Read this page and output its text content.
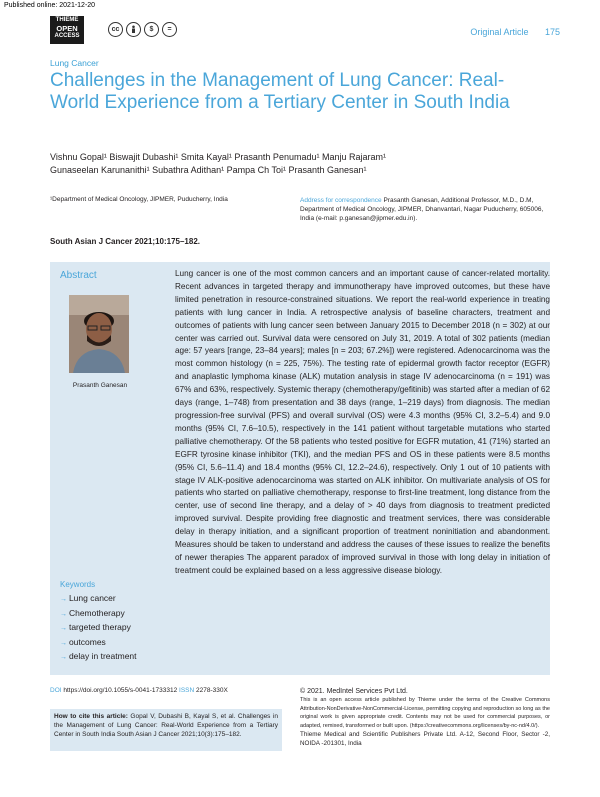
Published online: 2021-12-20
THIEME
OPEN
ACCESS
cc	$	=	Original Article 175
Lung Cancer
Challenges in the Management of Lung Cancer: Real-World Experience from a Tertiary Center in South India
Vishnu Gopal¹ Biswajit Dubashi¹ Smita Kayal¹ Prasanth Penumadu¹ Manju Rajaram¹
Gunaseelan Karunanithi¹ Subathra Adithan¹ Pampa Ch Toi¹ Prasanth Ganesan¹
¹Department of Medical Oncology, JIPMER, Puducherry, India	Address for correspondence Prasanth Ganesan, Additional Professor, M.D., D.M, Department of Medical Oncology, JIPMER, Dhanvantari, Nagar Puducherry, 605006, India (e-mail: p.ganesan@jipmer.edu.in).
South Asian J Cancer 2021;10:175–182.
Abstract
Prasanth Ganesan
Lung cancer is one of the most common cancers and an important cause of cancer-related mortality. Recent advances in targeted therapy and immunotherapy have improved outcomes, but these have limited penetration in resource-constrained situations. We report the real-world experience in treating patients with lung cancer in India. A retrospective analysis of baseline characters, treatment and outcomes of patients with lung cancer seen between January 2015 to December 2018 (n = 302) at our center was carried out. Survival data were censored on July 31, 2019. A total of 302 patients (median age: 57 years [range, 23–84 years]; males [n = 203; 67.2%]) were registered. Adenocarcinoma was the most common histology (n = 225, 75%). The testing rate of epidermal growth factor receptor (EGFR) and anaplastic lymphoma kinase (ALK) mutation analysis in stage IV adenocarcinoma (n = 191) was 67% and 63%, respectively. Systemic therapy (chemotherapy/gefitinib) was started after a median of 62 days (range, 1–748) from presentation and 38 days (range, 1–219 days) from diagnosis. The median progression-free survival (PFS) and overall survival (OS) were 4.3 months (95% CI, 3.2–5.4) and 9.0 months (95% CI, 7.6–10.5), respectively in the 141 patient without targetable mutations who started palliative chemotherapy. Of the 58 patients who tested positive for EGFR mutation, 41 (71%) started an EGFR tyrosine kinase inhibitor (TKI), and the median PFS and OS in these patients were 8.5 months (95% CI, 5.6–11.4) and 18.4 months (95% CI, 12.2–24.6), respectively. Only 1 out of 10 patients with stage IV ALK-positive adenocarcinoma was started on ALK inhibitor. On multivariate analysis of OS for patients who started on palliative chemotherapy, response to first-line treatment, long distance from the center, use of second line therapy, and a delay of > 40 days from diagnosis to treatment predicted improved survival. Despite providing free diagnostic and treatment services, there was considerable delay in therapy initiation, and a significant proportion of treatment noninitiation and abandonment. Measures should be taken to understand and address the causes of these issues to realize the benefits of newer therapies The apparent paradox of improved survival in those with long delay in initiation of treatment could be explained based on a less aggressive disease biology.
Keywords
→ Lung cancer
→ Chemotherapy
→ targeted therapy
→ outcomes
→ delay in treatment
DOI https://doi.org/10.1055/s-0041-1733312 ISSN 2278-330X
How to cite this article: Gopal V, Dubashi B, Kayal S, et al. Challenges in the Management of Lung Cancer: Real-World Experience from a Tertiary Center in South India South Asian J Cancer 2021;10(3):175–182.
© 2021. MedIntel Services Pvt Ltd.
This is an open access article published by Thieme under the terms of the Creative Commons Attribution-NonDerivative-NonCommercial-License, permitting copying and reproduction so long as the original work is given appropriate credit. Contents may not be used for commercial purposes, or adapted, remixed, transformed or built upon. (https://creativecommons.org/licenses/by-nc-nd/4.0/).
Thieme Medical and Scientific Publishers Private Ltd. A-12, Second Floor, Sector -2, NOIDA -201301, India
